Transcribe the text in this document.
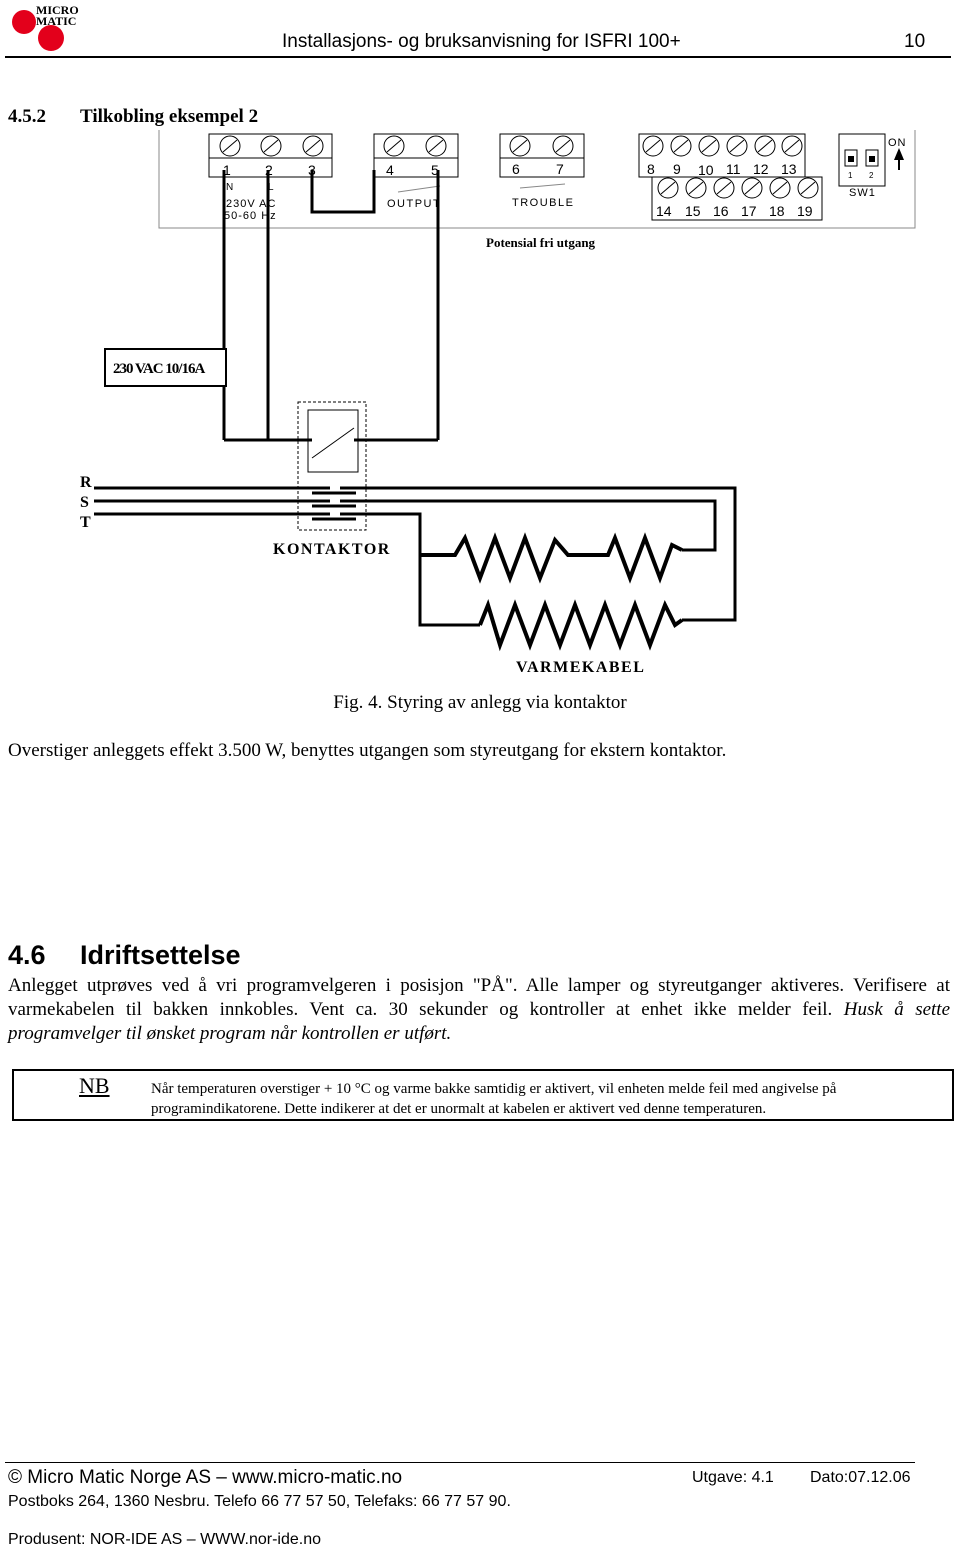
MICRO
MATIC
Installasjons- og bruksanvisning for ISFRI 100+	10
4.5.2 Tilkobling eksempel 2
1 2	3	4	5	6	7	8 9 10 11 12 13
14 15 16 17 18 19
N	L
230V AC
50-60 Hz
OUTPUT	TROUBLE
ON
SW1
1 2
Potensial fri utgang
230 VAC 10/16A
R
S
T
KONTAKTOR
VARMEKABEL
Fig. 4. Styring av anlegg via kontaktor
Overstiger anleggets effekt 3.500 W, benyttes utgangen som styreutgang for ekstern kontaktor.
4.6 Idriftsettelse
Anlegget utprøves ved å vri programvelgeren i posisjon "PÅ". Alle lamper og styreutganger aktiveres. Verifisere at varmekabelen til bakken innkobles. Vent ca. 30 sekunder og kontroller at enhet ikke melder feil. Husk å sette programvelger til ønsket program når kontrollen er utført.
NB	Når temperaturen overstiger + 10 °C og varme bakke samtidig er aktivert, vil enheten melde feil med angivelse på programindikatorene. Dette indikerer at det er unormalt at kabelen er aktivert ved denne temperaturen.
© Micro Matic Norge AS – www.micro-matic.no	Utgave: 4.1 Dato:07.12.06
Postboks 264, 1360 Nesbru. Telefo 66 77 57 50, Telefaks: 66 77 57 90.
Produsent: NOR-IDE AS – WWW.nor-ide.no
